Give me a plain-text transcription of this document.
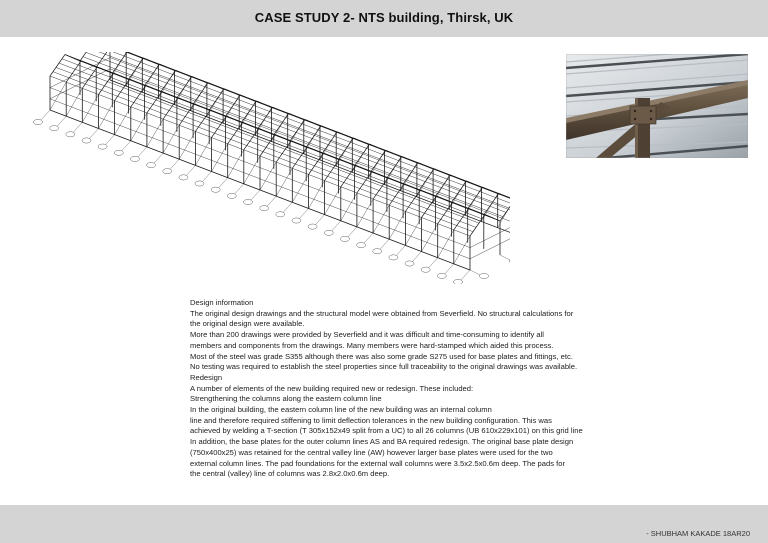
CASE STUDY 2- NTS building, Thirsk, UK

Design information

The original design drawings and the structural model were obtained from Severfield. No structural calculations for

the original design were available.

More than 200 drawings were provided by Severfield and it was difficult and time-consuming to identify all

members and components from the drawings. Many members were hard-stamped which aided this process.

Most of the steel was grade S355 although there was also some grade S275 used for base plates and fittings, etc.

No testing was required to establish the steel properties since full traceability to the original drawings was available.

Redesign

A number of elements of the new building required new or redesign. These included:

Strengthening the columns along the eastern column line

In the original building, the eastern column line of the new building was an internal column

line and therefore required stiffening to limit deflection tolerances in the new building configuration. This was

achieved by welding a T-section (T 305x152x49 split from a UC) to all 26 columns (UB 610x229x101) on this grid line

In addition, the base plates for the outer column lines AS and BA required redesign. The original base plate design

(750x400x25) was retained for the central valley line (AW) however larger base plates were used for the two

external column lines. The pad foundations for the external wall columns were 3.5x2.5x0.6m deep. The pads for

the central (valley) line of columns was 2.8x2.0x0.6m deep.

- SHUBHAM KAKADE 18AR20
